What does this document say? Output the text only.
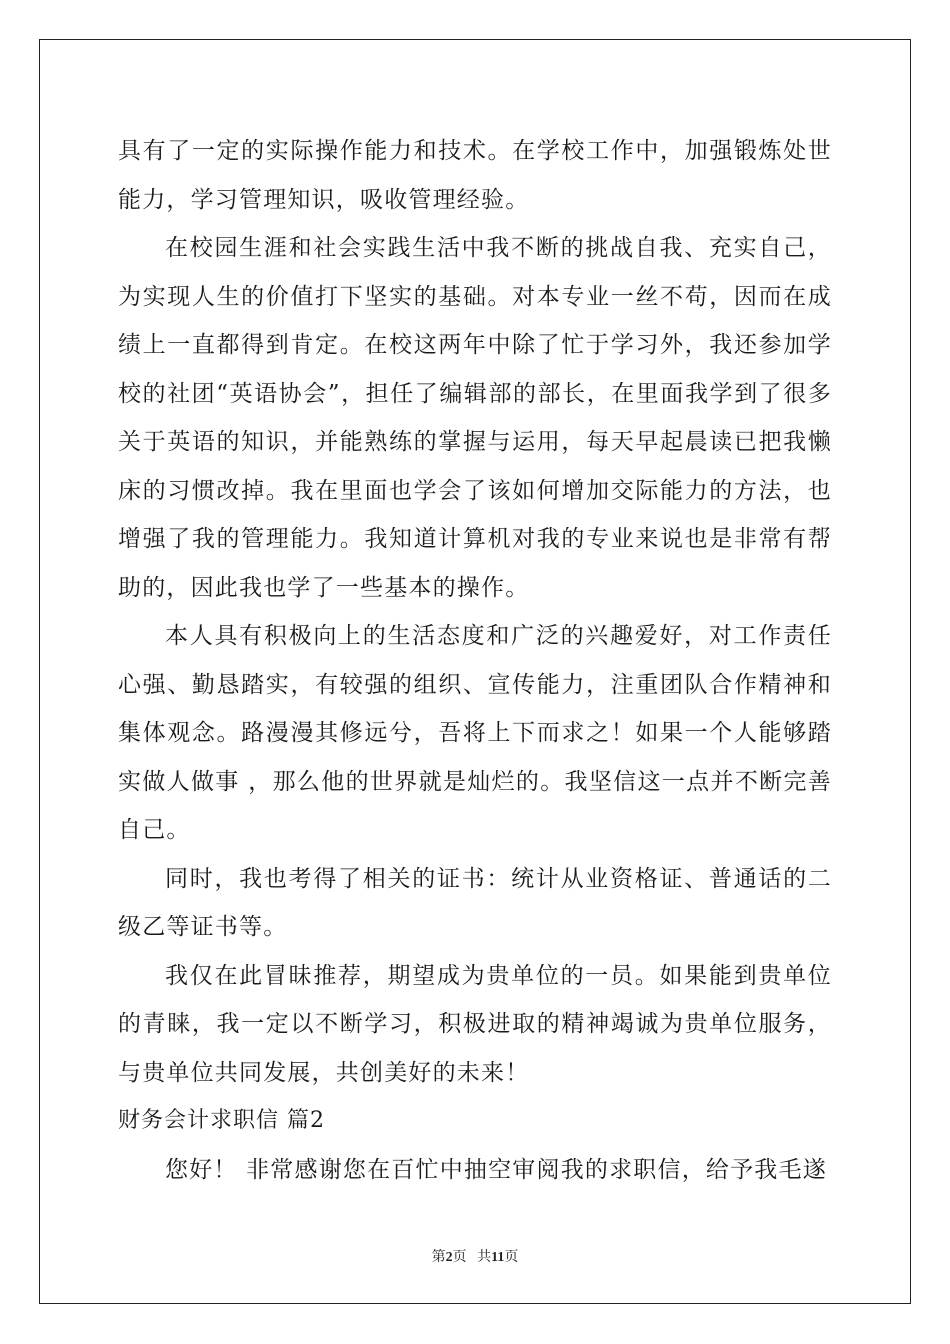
具有了一定的实际操作能力和技术。在学校工作中，加强锻炼处世能力，学习管理知识，吸收管理经验。

在校园生涯和社会实践生活中我不断的挑战自我、充实自己，为实现人生的价值打下坚实的基础。对本专业一丝不苟，因而在成绩上一直都得到肯定。在校这两年中除了忙于学习外，我还参加学校的社团“英语协会”，担任了编辑部的部长，在里面我学到了很多关于英语的知识，并能熟练的掌握与运用，每天早起晨读已把我懒床的习惯改掉。我在里面也学会了该如何增加交际能力的方法，也增强了我的管理能力。我知道计算机对我的专业来说也是非常有帮助的，因此我也学了一些基本的操作。

本人具有积极向上的生活态度和广泛的兴趣爱好，对工作责任心强、勤恳踏实，有较强的组织、宣传能力，注重团队合作精神和集体观念。路漫漫其修远兮，吾将上下而求之！如果一个人能够踏实做人做事 ，那么他的世界就是灿烂的。我坚信这一点并不断完善自己。

同时，我也考得了相关的证书：统计从业资格证、普通话的二级乙等证书等。

我仅在此冒昧推荐，期望成为贵单位的一员。如果能到贵单位的青睐，我一定以不断学习，积极进取的精神竭诚为贵单位服务，与贵单位共同发展，共创美好的未来！

财务会计求职信 篇2

您好！ 非常感谢您在百忙中抽空审阅我的求职信，给予我毛遂

第2页 共11页
